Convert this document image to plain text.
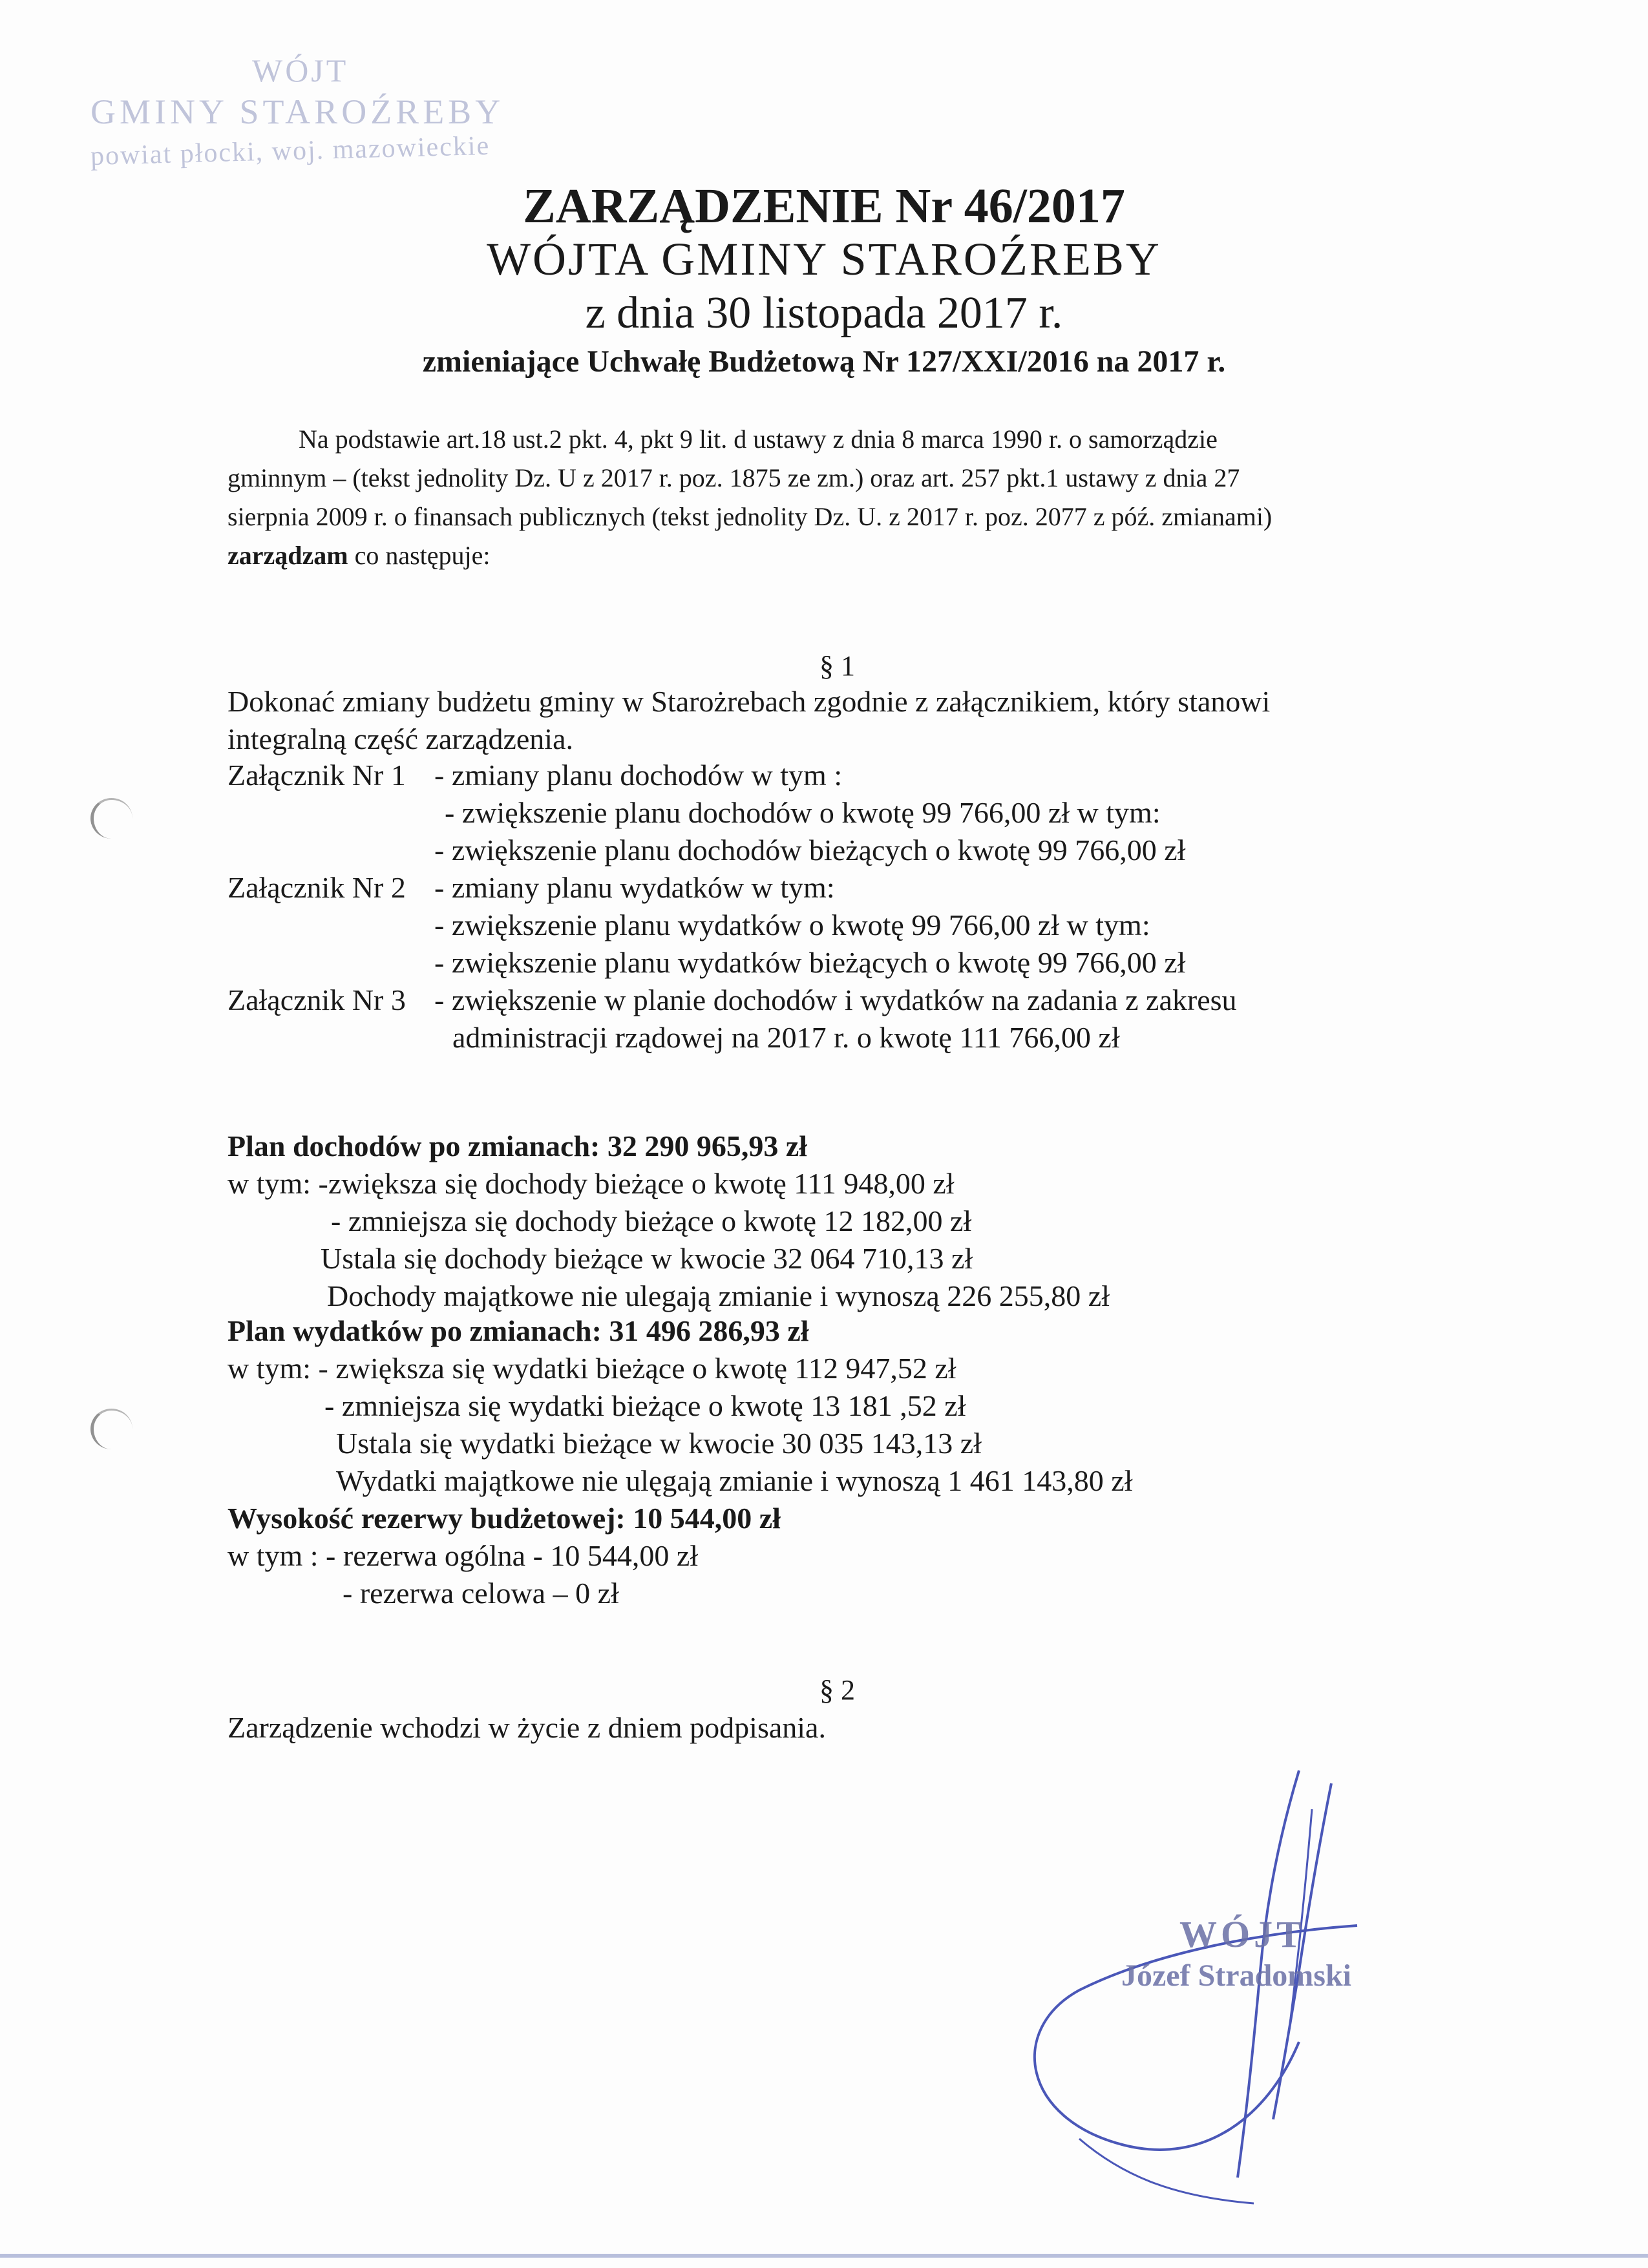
WÓJT
GMINY STAROŹREBY
powiat płocki, woj. mazowieckie
ZARZĄDZENIE Nr 46/2017
WÓJTA GMINY STAROŹREBY
z dnia 30 listopada 2017 r.
zmieniające Uchwałę Budżetową Nr 127/XXI/2016 na 2017 r.
Na podstawie art.18 ust.2 pkt. 4, pkt 9 lit. d ustawy z dnia 8 marca 1990 r. o samorządzie
gminnym – (tekst jednolity Dz. U z 2017 r. poz. 1875 ze zm.) oraz art. 257 pkt.1 ustawy z dnia 27
sierpnia 2009 r. o finansach publicznych (tekst jednolity Dz. U. z 2017 r. poz. 2077 z póź. zmianami)
zarządzam co następuje:
§ 1
Dokonać zmiany budżetu gminy w Starożrebach zgodnie z załącznikiem, który stanowi
integralną część zarządzenia.
Załącznik Nr 1 - zmiany planu dochodów w tym :
- zwiększenie planu dochodów o kwotę 99 766,00 zł w tym:
- zwiększenie planu dochodów bieżących o kwotę 99 766,00 zł
Załącznik Nr 2 - zmiany planu wydatków w tym:
- zwiększenie planu wydatków o kwotę 99 766,00 zł w tym:
- zwiększenie planu wydatków bieżących o kwotę 99 766,00 zł
Załącznik Nr 3 - zwiększenie w planie dochodów i wydatków na zadania z zakresu
administracji rządowej na 2017 r. o kwotę 111 766,00 zł
Plan dochodów po zmianach: 32 290 965,93 zł
w tym: -zwiększa się dochody bieżące o kwotę 111 948,00 zł
- zmniejsza się dochody bieżące o kwotę 12 182,00 zł
Ustala się dochody bieżące w kwocie 32 064 710,13 zł
Dochody majątkowe nie ulegają zmianie i wynoszą 226 255,80 zł
Plan wydatków po zmianach: 31 496 286,93 zł
w tym: - zwiększa się wydatki bieżące o kwotę 112 947,52 zł
- zmniejsza się wydatki bieżące o kwotę 13 181 ,52 zł
Ustala się wydatki bieżące w kwocie 30 035 143,13 zł
Wydatki majątkowe nie ulęgają zmianie i wynoszą 1 461 143,80 zł
Wysokość rezerwy budżetowej: 10 544,00 zł
w tym : - rezerwa ogólna - 10 544,00 zł
- rezerwa celowa – 0 zł
§ 2
Zarządzenie wchodzi w życie z dniem podpisania.
WÓJT
Józef Stradomski
